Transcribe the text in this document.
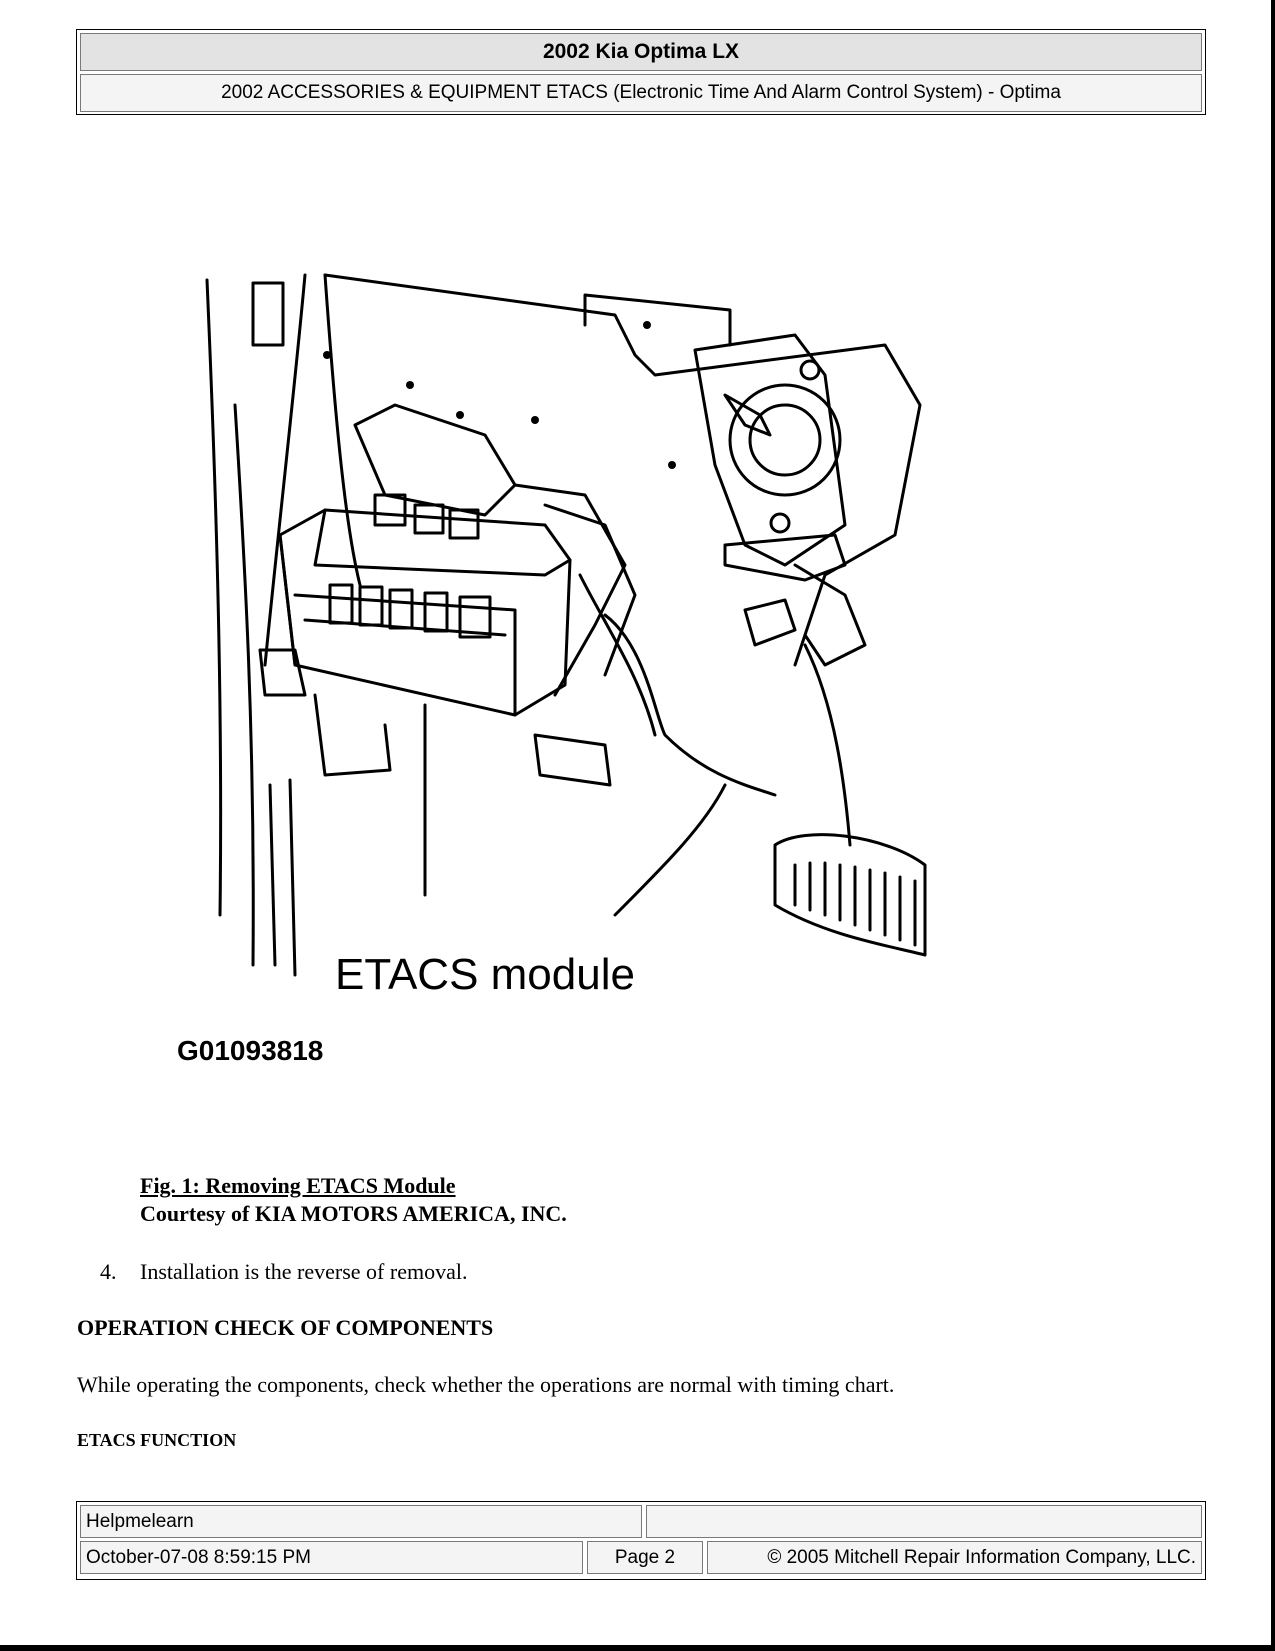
2002 Kia Optima LX
2002 ACCESSORIES & EQUIPMENT ETACS (Electronic Time And Alarm Control System) - Optima
ETACS module
G01093818
Fig. 1: Removing ETACS Module
Courtesy of KIA MOTORS AMERICA, INC.
4. Installation is the reverse of removal.
OPERATION CHECK OF COMPONENTS
While operating the components, check whether the operations are normal with timing chart.
ETACS FUNCTION
Helpmelearn
October-07-08 8:59:15 PM	Page 2	© 2005 Mitchell Repair Information Company, LLC.
